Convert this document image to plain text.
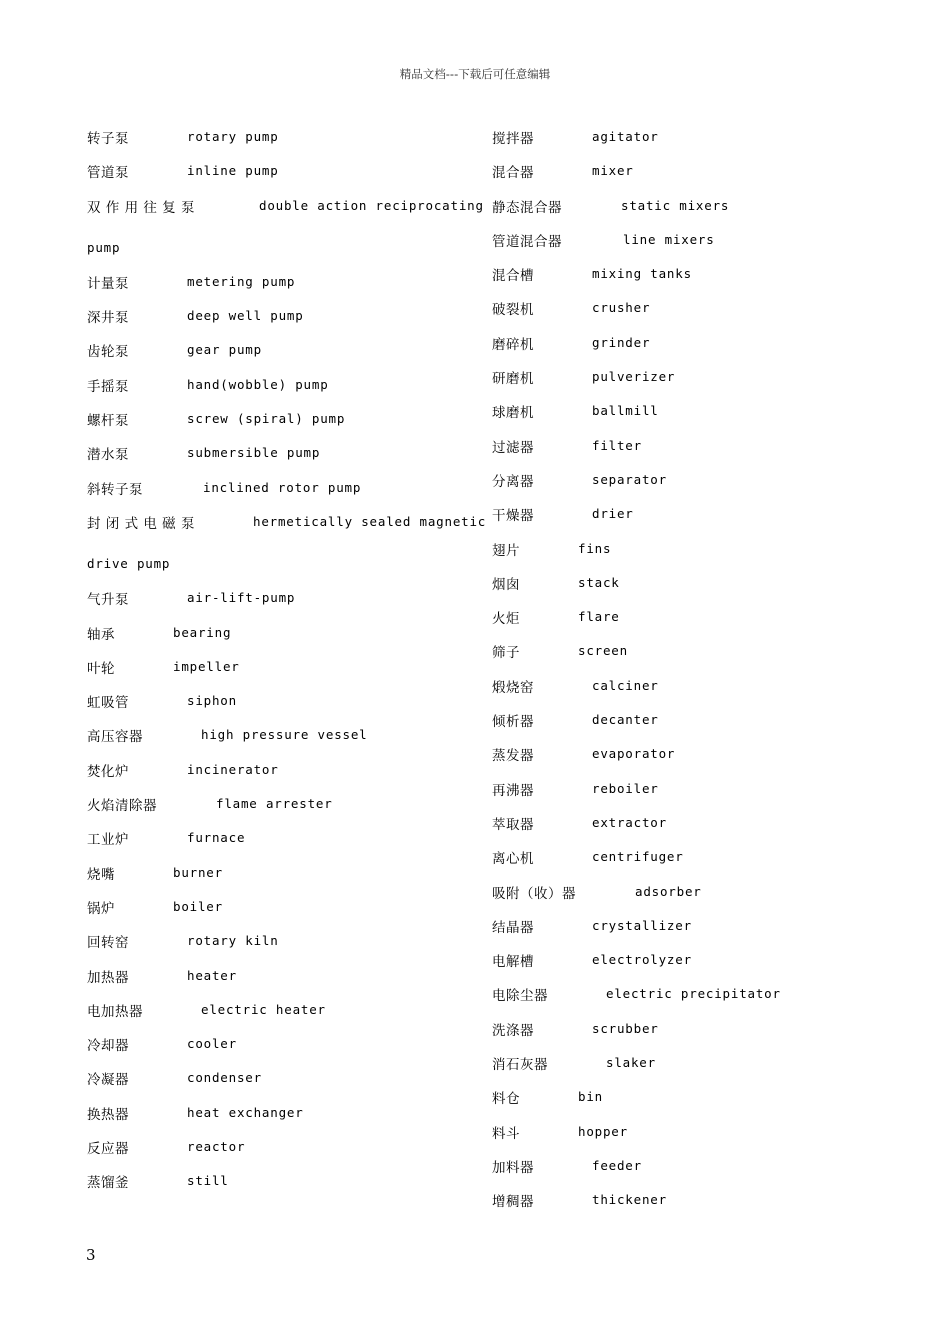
精品文档---下载后可任意编辑
转子泵	rotary pump
管道泵	inline pump
双 作 用 往 复 泵	double action reciprocating
pump
计量泵	metering pump
深井泵	deep well pump
齿轮泵	gear pump
手摇泵	hand(wobble) pump
螺杆泵	screw (spiral) pump
潜水泵	submersible pump
斜转子泵	inclined rotor pump
封 闭 式 电 磁 泵	hermetically sealed magnetic
drive pump
气升泵	air-lift-pump
轴承	bearing
叶轮	impeller
虹吸管	siphon
高压容器	high pressure vessel
焚化炉	incinerator
火焰清除器	flame arrester
工业炉	furnace
烧嘴	burner
锅炉	boiler
回转窑	rotary kiln
加热器	heater
电加热器	electric heater
冷却器	cooler
冷凝器	condenser
换热器	heat exchanger
反应器	reactor
蒸馏釜	still
搅拌器	agitator
混合器	mixer
静态混合器	static mixers
管道混合器	line mixers
混合槽	mixing tanks
破裂机	crusher
磨碎机	grinder
研磨机	pulverizer
球磨机	ballmill
过滤器	filter
分离器	separator
干燥器	drier
翅片	fins
烟囱	stack
火炬	flare
筛子	screen
煅烧窑	calciner
倾析器	decanter
蒸发器	evaporator
再沸器	reboiler
萃取器	extractor
离心机	centrifuger
吸附（收）器	adsorber
结晶器	crystallizer
电解槽	electrolyzer
电除尘器	electric precipitator
洗涤器	scrubber
消石灰器	slaker
料仓	bin
料斗	hopper
加料器	feeder
增稠器	thickener
3
